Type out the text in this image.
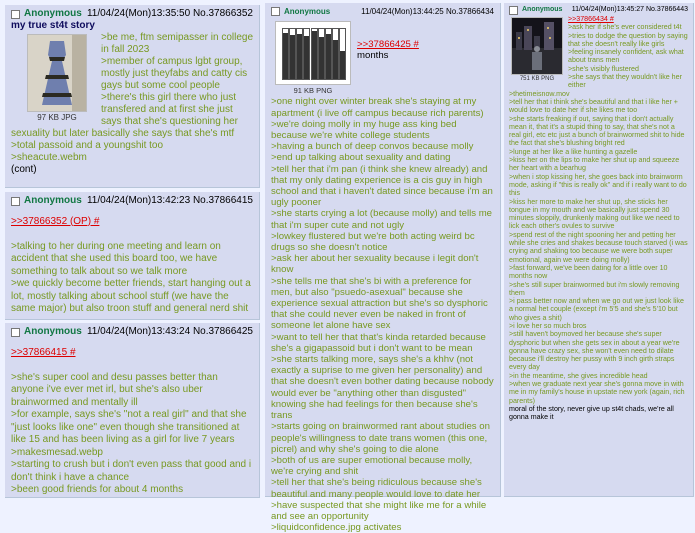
Anonymous 11/04/24(Mon)13:35:50 No.37866352
my true st4t story
97 KB JPG
>be me, ftm semipasser in college in fall 2023
>member of campus lgbt group, mostly just theyfabs and catty cis gays but some cool people
>there's this girl there who just transfered and at first she just says that she's questioning her sexuality but later basically she says that she's mtf
>total passoid and a youngshit too
>sheacute.webm
(cont)
Anonymous 11/04/24(Mon)13:42:23 No.37866415
>>37866352 (OP) #

>talking to her during one meeting and learn on accident that she used this board too, we have something to talk about so we talk more
>we quickly become better friends, start hanging out a lot, mostly talking about school stuff (we have the same major) but also troon stuff and general nerd shit
Anonymous 11/04/24(Mon)13:43:24 No.37866425
>>37866415 #

>she's super cool and desu passes better than anyone i've ever met irl, but she's also uber brainwormed and mentally ill
>for example, says she's "not a real girl" and that she "just looks like one" even though she transitioned at like 15 and has been living as a girl for live 7 years
>makesmesad.webp
>starting to crush but i don't even pass that good and i don't think i have a chance
>been good friends for about 4 months
Anonymous	11/04/24(Mon)13:44:25 No.37866434
91 KB PNG
>>37866425 #
months
>one night over winter break she's staying at my apartment (i live off campus because rich parents)
>we're doing molly in my huge ass king bed because we're white college students
>having a bunch of deep convos because molly
>end up talking about sexuality and dating
>tell her that i'm pan (i think she knew already) and that my only dating experience is a cis guy in high school and that i haven't dated since because i'm an ugly pooner
>she starts crying a lot (because molly) and tells me that i'm super cute and not ugly
>lowkey flustered but we're both acting weird bc drugs so she doesn't notice
>ask her about her sexuality because i legit don't know
>she tells me that she's bi with a preference for men, but also "psuedo-asexual" because she experience sexual attraction but she's so dysphoric that she could never even be naked in front of someone let alone have sex
>want to tell her that that's kinda retarded because she's a gigapassoid but i don't want to be mean
>she starts talking more, says she's a khhv (not exactly a suprise to me given her personality) and that she doesn't even bother dating because nobody would ever be "anything other than disgusted" knowing she had feelings for then because she's trans
>starts going on brainwormed rant about studies on people's willingness to date trans women (this one, picrel) and why she's going to die alone
>both of us are super emotional because molly, we're crying and shit
>tell her that she's being ridiculous because she's beautiful and many people would love to date her
>have suspected that she might like me for a while and see an opportunity
>liquidconfidence.jpg activates
Anonymous 11/04/24(Mon)13:45:27 No.37866443
751 KB PNG
>>37866434 #
>ask her if she's ever considered t4t
>tries to dodge the question by saying that she doesn't really like girls
>feeling insanely confident, ask what about trans men
>she's visibly flustered
>she says that they wouldn't like her either
>thetimeisnow.mov
>tell her that i think she's beautiful and that i like her + would love to date her if she likes me too
>she starts freaking if out, saying that i don't actually mean it, that it's a stupid thing to say, that she's not a real girl, etc etc just a bunch of brainwormed shit to hide the fact that she's blushing bright red
>lunge at her like a like hunting a gazelle
>kiss her on the lips to make her shut up and squeeze her heart with a bearhug
>when i stop kissing her, she goes back into brainworm mode, asking if "this is really ok" and if i really want to do this
>kiss her more to make her shut up, she sticks her tongue in my mouth and we basically just spend 30 minutes sloppily, drunkenly making out like we need to lick each other's ovules to survive
>spend rest of the night spooning her and petting her while she cries and shakes because touch starved (i was crying and shaking too because we were both super emotional, again we were doing molly)
>fast forward, we've been dating for a little over 10 months now
>she's still super brainwormed but i'm slowly removing them
>i pass better now and when we go out we just look like a normal het couple (except i'm 5'5 and she's 5'10 but who gives a shit)
>i love her so much bros
>still haven't boymoved her because she's super dysphoric but when she gets sex in about a year we're gonna have crazy sex, she won't even need to dilate because i'll destroy her pussy with 9 inch girth straps every day
>in the meantime, she gives incredible head
>when we graduate next year she's gonna move in with me in my family's house in upstate new york (again, rich parents)
moral of the story, never give up st4t chads, we're all gonna make it
